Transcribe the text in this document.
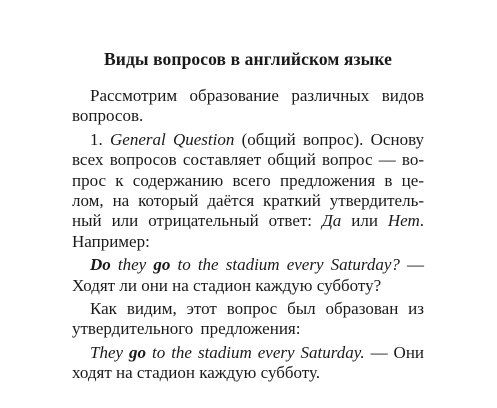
Виды вопросов в английском языке

Рассмотрим образование различных видов вопросов.

1. General Question (общий вопрос). Основу всех вопросов составляет общий вопрос — во-прос к содержанию всего предложения в це-лом, на который даётся краткий утвердитель-ный или отрицательный ответ: Да или Нет. Например:

Do they go to the stadium every Saturday? — Ходят ли они на стадион каждую субботу?

Как видим, этот вопрос был образован из утвердительного предложения:

They go to the stadium every Saturday. — Они ходят на стадион каждую субботу.
